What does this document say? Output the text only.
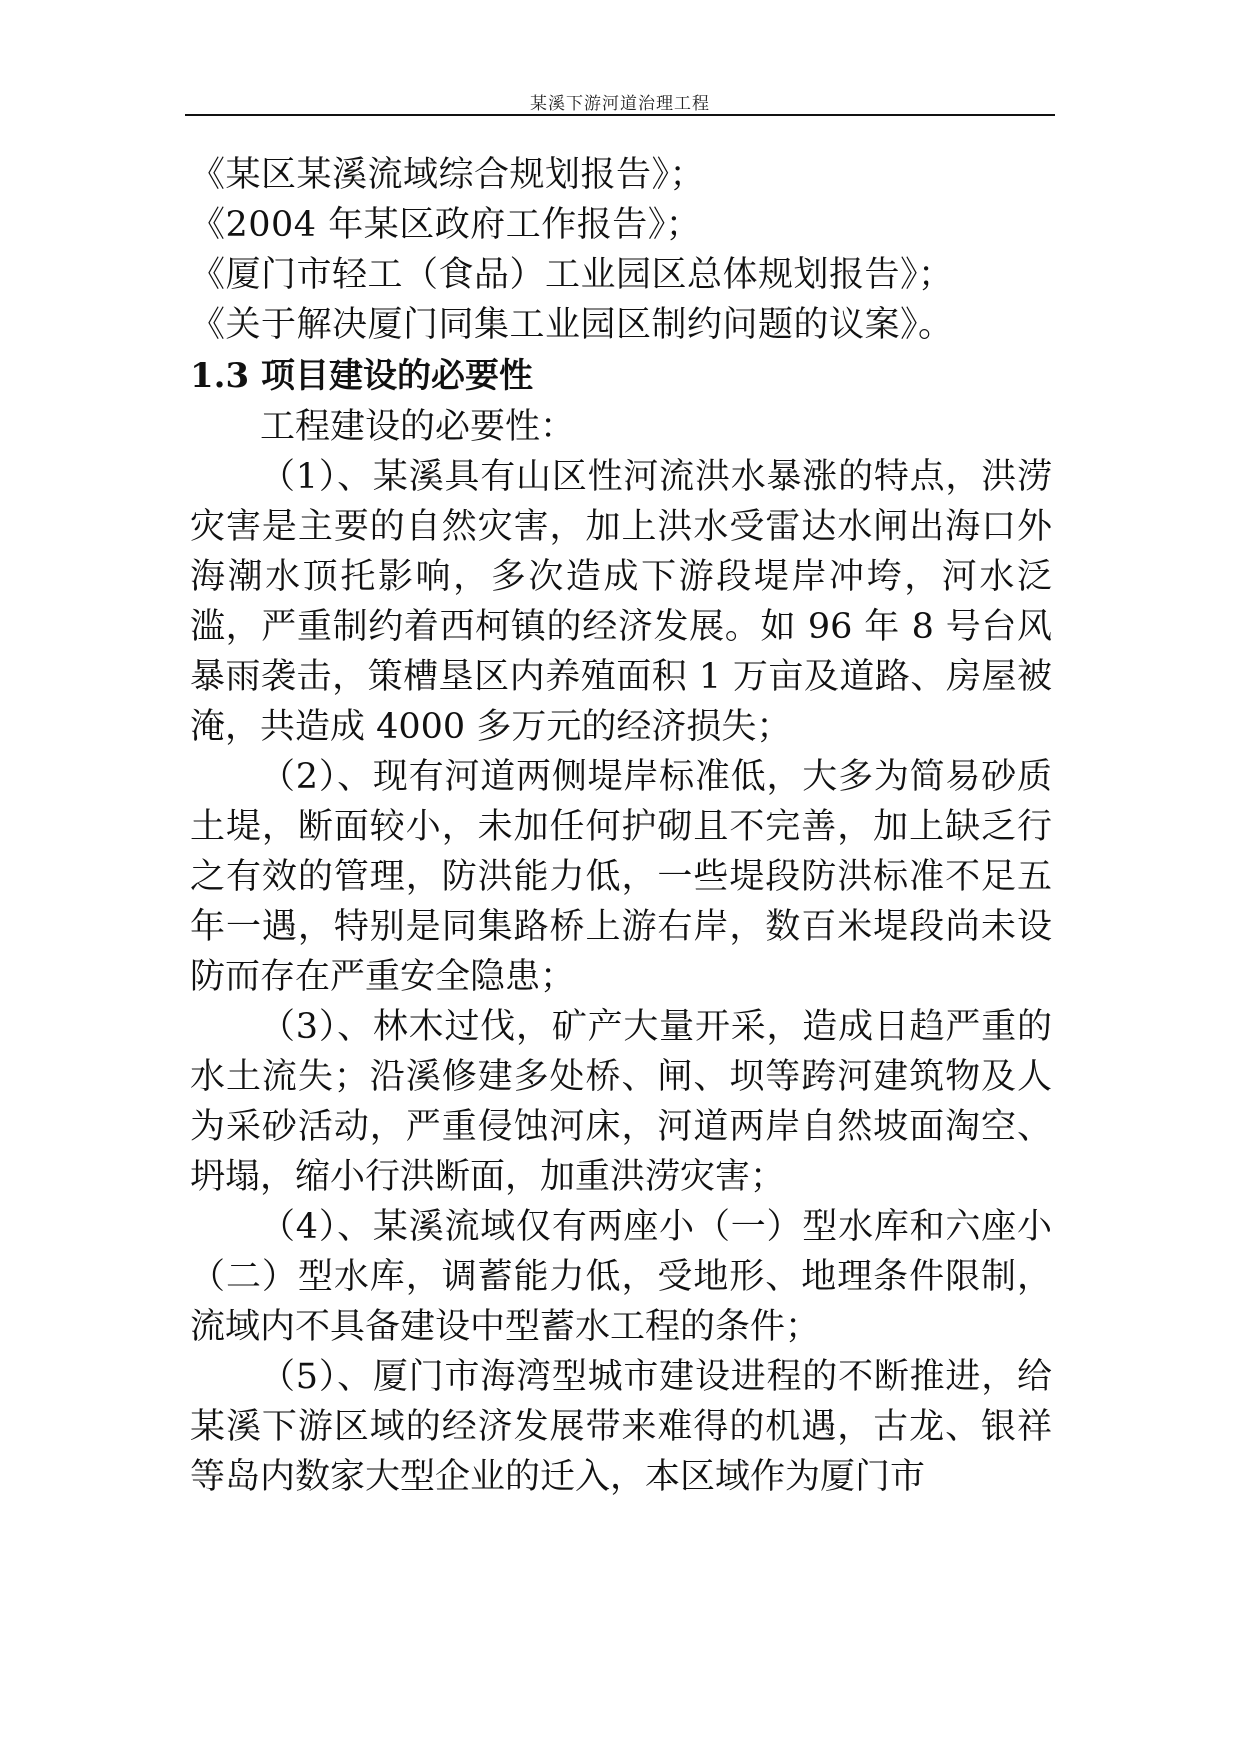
某溪下游河道治理工程

《某区某溪流域综合规划报告》；

《2004 年某区政府工作报告》；

《厦门市轻工（食品）工业园区总体规划报告》；

《关于解决厦门同集工业园区制约问题的议案》。

1.3 项目建设的必要性

工程建设的必要性：

（1）、某溪具有山区性河流洪水暴涨的特点，洪涝灾害是主要的自然灾害，加上洪水受雷达水闸出海口外海潮水顶托影响，多次造成下游段堤岸冲垮，河水泛滥，严重制约着西柯镇的经济发展。如 96 年 8 号台风暴雨袭击，策槽垦区内养殖面积 1 万亩及道路、房屋被淹，共造成 4000 多万元的经济损失；

（2）、现有河道两侧堤岸标准低，大多为简易砂质土堤，断面较小，未加任何护砌且不完善，加上缺乏行之有效的管理，防洪能力低，一些堤段防洪标准不足五年一遇，特别是同集路桥上游右岸，数百米堤段尚未设防而存在严重安全隐患；

（3）、林木过伐，矿产大量开采，造成日趋严重的水土流失；沿溪修建多处桥、闸、坝等跨河建筑物及人为采砂活动，严重侵蚀河床，河道两岸自然坡面淘空、坍塌，缩小行洪断面，加重洪涝灾害；

（4）、某溪流域仅有两座小（一）型水库和六座小（二）型水库，调蓄能力低，受地形、地理条件限制，流域内不具备建设中型蓄水工程的条件；

（5）、厦门市海湾型城市建设进程的不断推进，给某溪下游区域的经济发展带来难得的机遇，古龙、银祥等岛内数家大型企业的迁入，本区域作为厦门市
